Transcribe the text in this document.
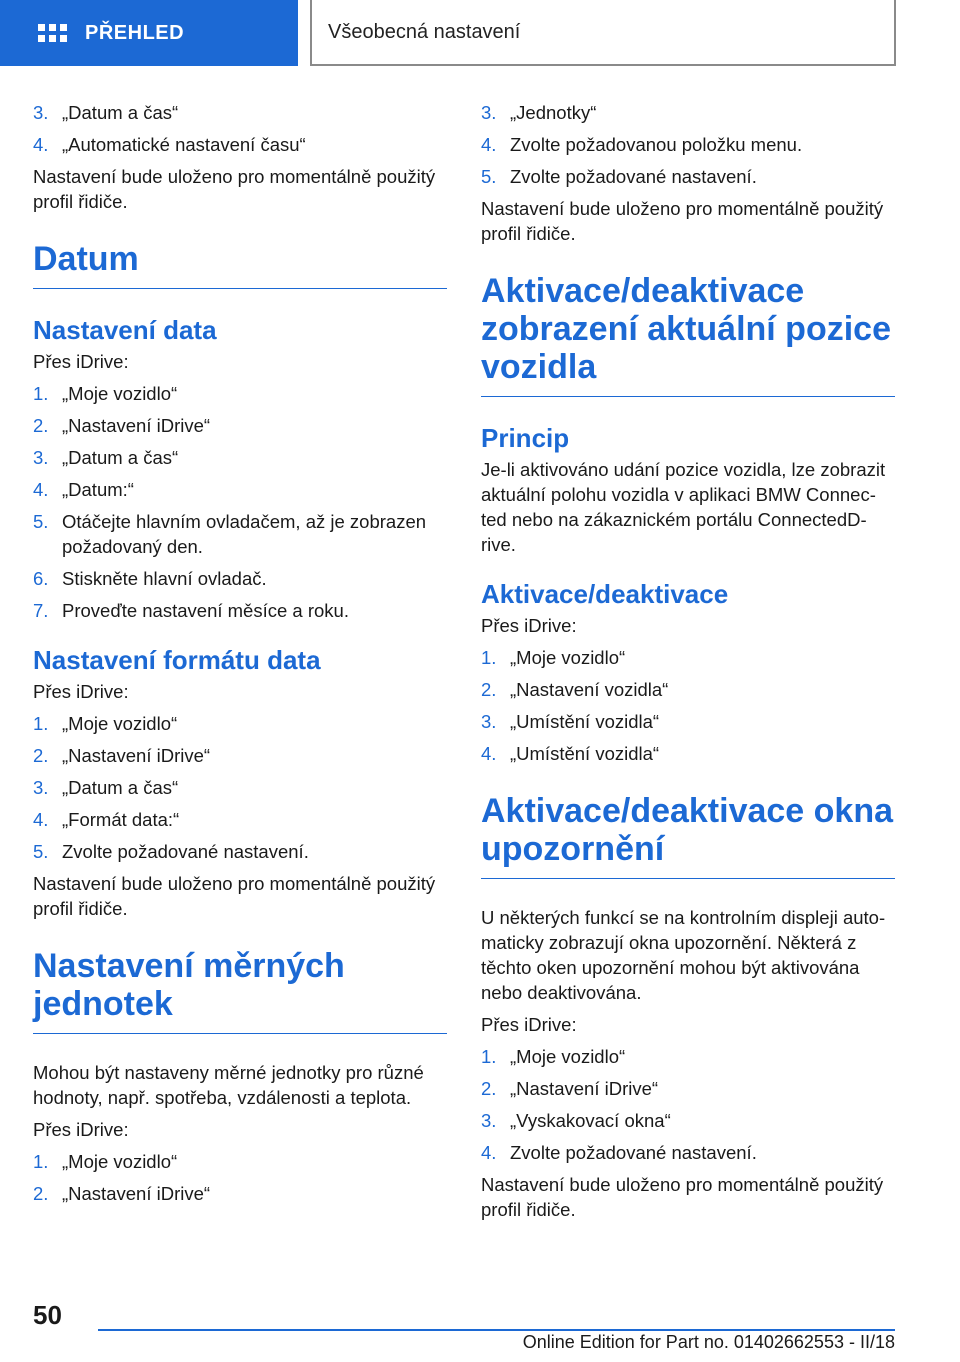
PŘEHLED	Všeobecná nastavení
3. „Datum a čas“
4. „Automatické nastavení času“

Nastavení bude uloženo pro momentálně použitý profil řidiče.

Datum
Nastavení data

Přes iDrive:

1. „Moje vozidlo“
2. „Nastavení iDrive“
3. „Datum a čas“
4. „Datum:“
5. Otáčejte hlavním ovladačem, až je zobrazen požadovaný den.
6. Stiskněte hlavní ovladač.
7. Proveďte nastavení měsíce a roku.
Nastavení formátu data

Přes iDrive:

1. „Moje vozidlo“
2. „Nastavení iDrive“
3. „Datum a čas“
4. „Formát data:“
5. Zvolte požadované nastavení.

Nastavení bude uloženo pro momentálně použitý profil řidiče.

Nastavení měrných jednotek

Mohou být nastaveny měrné jednotky pro různé hodnoty, např. spotřeba, vzdálenosti a teplota.

Přes iDrive:

1. „Moje vozidlo“
2. „Nastavení iDrive“
3. „Jednotky“
4. Zvolte požadovanou položku menu.
5. Zvolte požadované nastavení.

Nastavení bude uloženo pro momentálně použitý profil řidiče.

Aktivace/deaktivace zobrazení aktuální pozice vozidla
Princip

Je-li aktivováno udání pozice vozidla, lze zobrazit aktuální polohu vozidla v aplikaci BMW Connected nebo na zákaznickém portálu ConnectedDrive.

Aktivace/deaktivace

Přes iDrive:

1. „Moje vozidlo“
2. „Nastavení vozidla“
3. „Umístění vozidla“
4. „Umístění vozidla“
Aktivace/deaktivace okna upozornění

U některých funkcí se na kontrolním displeji automaticky zobrazují okna upozornění. Některá z těchto oken upozornění mohou být aktivována nebo deaktivována.

Přes iDrive:

1. „Moje vozidlo“
2. „Nastavení iDrive“
3. „Vyskakovací okna“
4. Zvolte požadované nastavení.

Nastavení bude uloženo pro momentálně použitý profil řidiče.

50
Online Edition for Part no. 01402662553 - II/18
